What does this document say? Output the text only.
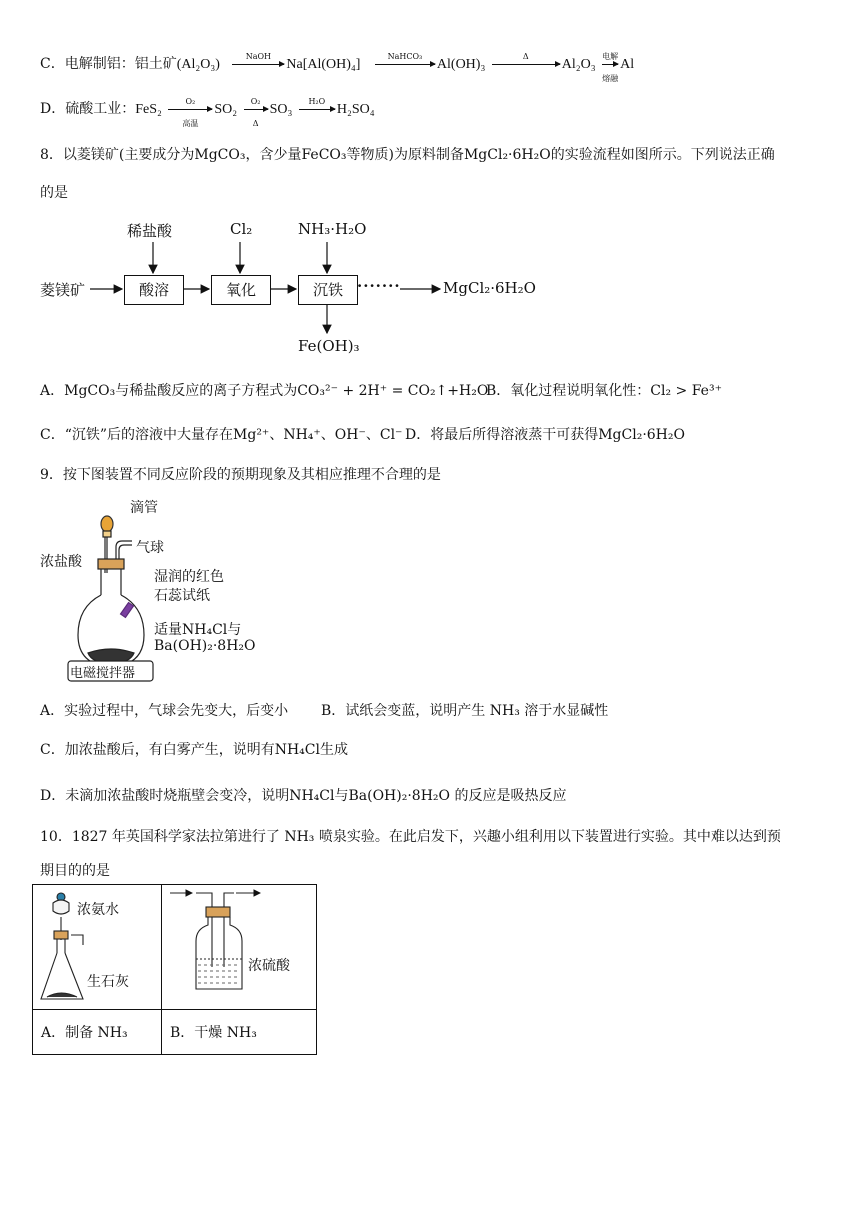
C．电解制铝：铝土矿(Al₂O₃)
NaOH
Na[Al(OH)₄]
NaHCO₃
Al(OH)₃
Δ
Al₂O₃
电解
熔融
Al
D．硫酸工业：FeS₂
O₂
高温
$SO_2 \frac{\text{O₂}}{\Delta} SO_3$
H₂O
H₂SO₄
8．以菱镁矿(主要成分为MgCO₃，含少量FeCO₃等物质)为原料制备MgCl₂·6H₂O的实验流程如图所示。下列说法正确
的是
稀盐酸	Cl₂	NH₃·H₂O
菱镁矿	酸溶	氧化	沉铁 ·······	MgCl₂·6H₂O
Fe(OH)₃
A．MgCO₃与稀盐酸反应的离子方程式为CO₃²⁻ + 2H⁺ = CO₂↑+H₂O
B．氧化过程说明氧化性：Cl₂ > Fe³⁺
C．“沉铁”后的溶液中大量存在Mg²⁺、NH₄⁺、OH⁻、Cl⁻ D．将最后所得溶液蒸干可获得MgCl₂·6H₂O
9．按下图装置不同反应阶段的预期现象及其相应推理不合理的是
滴管
浓盐酸
气球
湿润的红色
石蕊试纸
适量NH₄Cl与
Ba(OH)₂·8H₂O
电磁搅拌器
A．实验过程中，气球会先变大，后变小 B．试纸会变蓝，说明产生 NH₃ 溶于水显碱性
C．加浓盐酸后，有白雾产生，说明有NH₄Cl生成
D．未滴加浓盐酸时烧瓶壁会变冷，说明NH₄Cl与Ba(OH)₂·8H₂O 的反应是吸热反应
10．1827 年英国科学家法拉第进行了 NH₃ 喷泉实验。在此启发下，兴趣小组利用以下装置进行实验。其中难以达到预
期目的的是
浓氨水
生石灰	浓硫酸

A．制备 NH₃	B．干燥 NH₃
